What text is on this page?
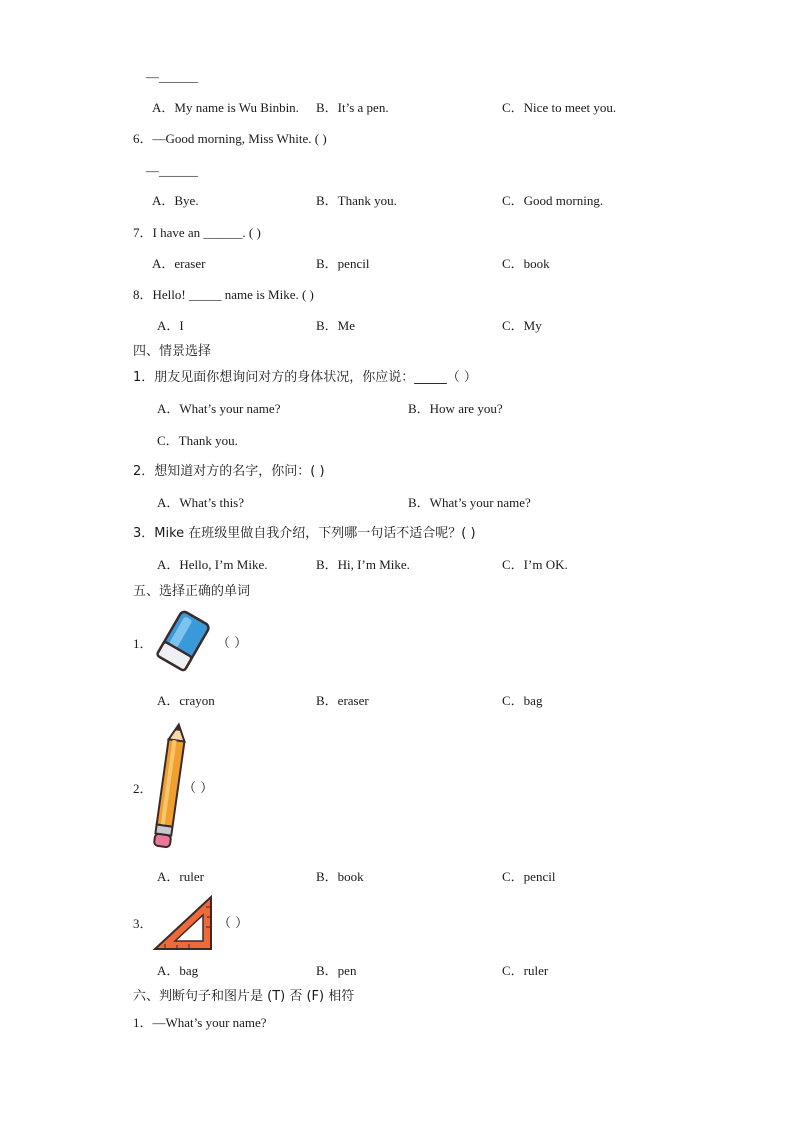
—______
A．My name is Wu Binbin. B．It’s a pen.	C．Nice to meet you.
6．—Good morning, Miss White. ( )
—______
A．Bye.	B．Thank you.	C．Good morning.
7．I have an ______. ( )
A．eraser	B．pencil	C．book
8．Hello! _____ name is Mike. ( )
A．I	B．Me	C．My
四、情景选择
1．朋友见面你想询问对方的身体状况，你应说：_____（ ）
A．What’s your name?	B．How are you?
C．Thank you.
2．想知道对方的名字，你问：( )
A．What’s this?	B．What’s your name?
3．Mike 在班级里做自我介绍，下列哪一句话不适合呢？( )
A．Hello, I’m Mike.	B．Hi, I’m Mike.	C．I’m OK.
五、选择正确的单词
1．	（ ）
A．crayon	B．eraser	C．bag
2． （ ）
A．ruler	B．book	C．pencil
3．	（ ）
A．bag	B．pen	C．ruler
六、判断句子和图片是 (T) 否 (F) 相符
1．—What’s your name?
